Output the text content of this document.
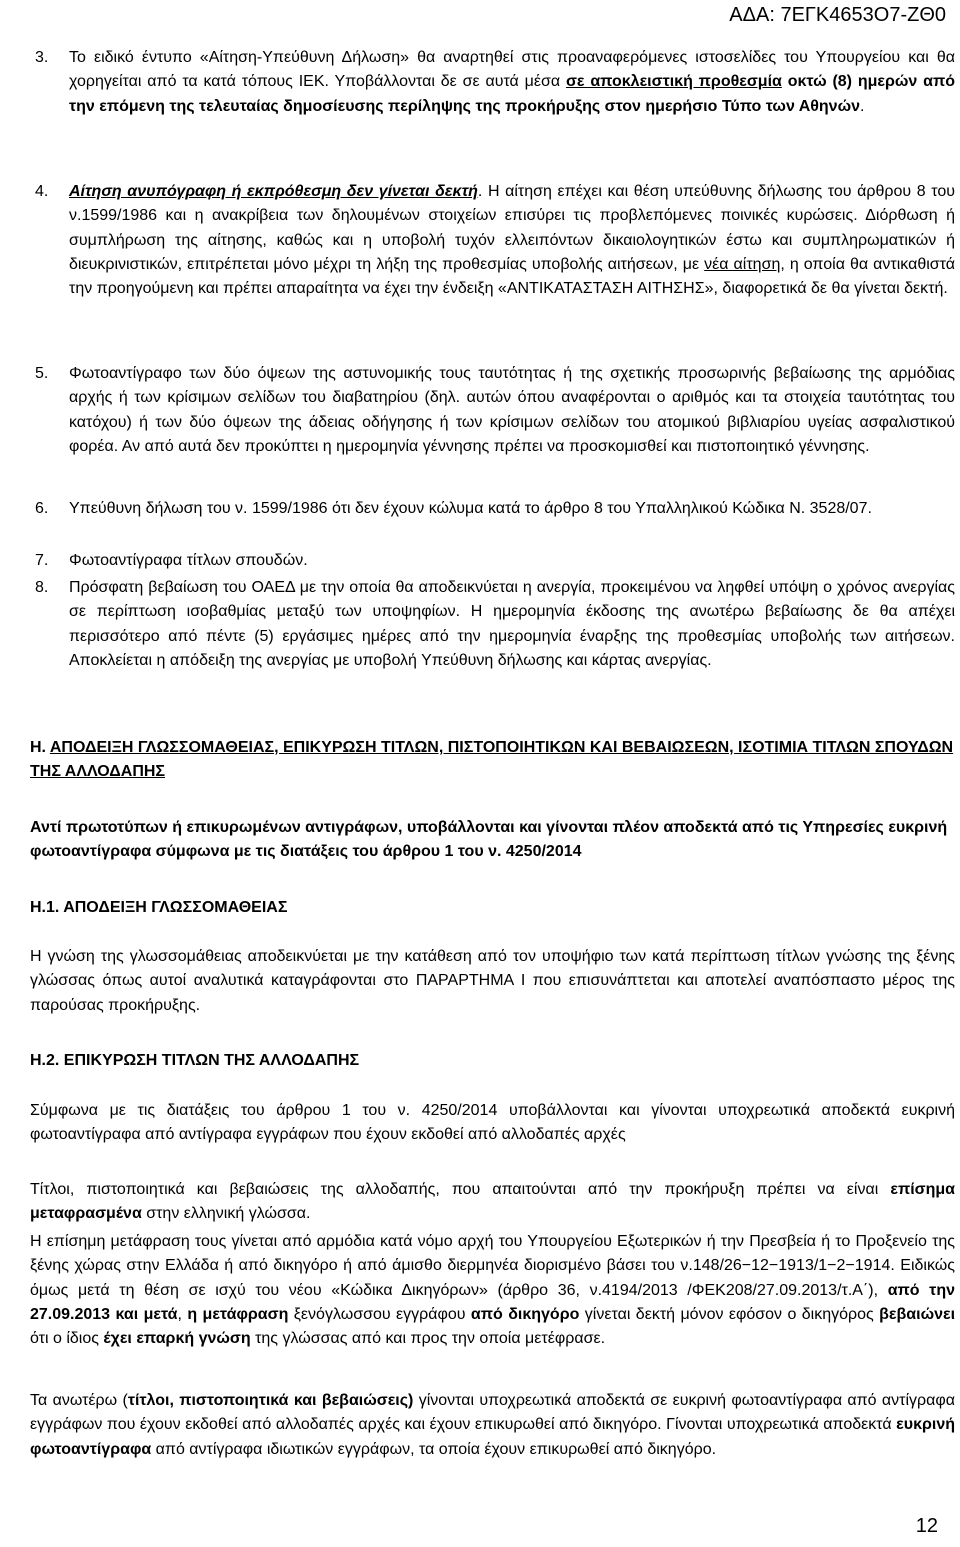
ΑΔΑ: 7ΕΓΚ4653Ο7-ΖΘ0
3.	Το ειδικό έντυπο «Αίτηση-Υπεύθυνη Δήλωση» θα αναρτηθεί στις προαναφερόμενες ιστοσελίδες του Υπουργείου και θα χορηγείται από τα κατά τόπους ΙΕΚ. Υποβάλλονται δε σε αυτά μέσα σε αποκλειστική προθεσμία οκτώ (8) ημερών από την επόμενη της τελευταίας δημοσίευσης περίληψης της προκήρυξης στον ημερήσιο Τύπο των Αθηνών.
4.	Αίτηση ανυπόγραφη ή εκπρόθεσμη δεν γίνεται δεκτή. Η αίτηση επέχει και θέση υπεύθυνης δήλωσης του άρθρου 8 του ν.1599/1986 και η ανακρίβεια των δηλουμένων στοιχείων επισύρει τις προβλεπόμενες ποινικές κυρώσεις. Διόρθωση ή συμπλήρωση της αίτησης, καθώς και η υποβολή τυχόν ελλειπόντων δικαιολογητικών έστω και συμπληρωματικών ή διευκρινιστικών, επιτρέπεται μόνο μέχρι τη λήξη της προθεσμίας υποβολής αιτήσεων, με νέα αίτηση, η οποία θα αντικαθιστά την προηγούμενη και πρέπει απαραίτητα να έχει την ένδειξη «ΑΝΤΙΚΑΤΑΣΤΑΣΗ ΑΙΤΗΣΗΣ», διαφορετικά δε θα γίνεται δεκτή.
5.	Φωτοαντίγραφο των δύο όψεων της αστυνομικής τους ταυτότητας ή της σχετικής προσωρινής βεβαίωσης της αρμόδιας αρχής ή των κρίσιμων σελίδων του διαβατηρίου (δηλ. αυτών όπου αναφέρονται ο αριθμός και τα στοιχεία ταυτότητας του κατόχου) ή των δύο όψεων της άδειας οδήγησης ή των κρίσιμων σελίδων του ατομικού βιβλιαρίου υγείας ασφαλιστικού φορέα. Αν από αυτά δεν προκύπτει η ημερομηνία γέννησης πρέπει να προσκομισθεί και πιστοποιητικό γέννησης.
6.	Υπεύθυνη δήλωση του ν. 1599/1986 ότι δεν έχουν κώλυμα κατά το άρθρο 8 του Υπαλληλικού Κώδικα Ν. 3528/07.
7.	Φωτοαντίγραφα τίτλων σπουδών.
8.	Πρόσφατη βεβαίωση του ΟΑΕΔ με την οποία θα αποδεικνύεται η ανεργία, προκειμένου να ληφθεί υπόψη ο χρόνος ανεργίας σε περίπτωση ισοβαθμίας μεταξύ των υποψηφίων. Η ημερομηνία έκδοσης της ανωτέρω βεβαίωσης δε θα απέχει περισσότερο από πέντε (5) εργάσιμες ημέρες από την ημερομηνία έναρξης της προθεσμίας υποβολής των αιτήσεων. Αποκλείεται η απόδειξη της ανεργίας με υποβολή Υπεύθυνη δήλωσης και κάρτας ανεργίας.
Η. ΑΠΟΔΕΙΞΗ ΓΛΩΣΣΟΜΑΘΕΙΑΣ, ΕΠΙΚΥΡΩΣΗ ΤΙΤΛΩΝ, ΠΙΣΤΟΠΟΙΗΤΙΚΩΝ ΚΑΙ ΒΕΒΑΙΩΣΕΩΝ, ΙΣΟΤΙΜΙΑ ΤΙΤΛΩΝ ΣΠΟΥΔΩΝ ΤΗΣ ΑΛΛΟΔΑΠΗΣ
Αντί πρωτοτύπων ή επικυρωμένων αντιγράφων, υποβάλλονται και γίνονται πλέον αποδεκτά από τις Υπηρεσίες ευκρινή φωτοαντίγραφα σύμφωνα με τις διατάξεις του άρθρου 1 του ν. 4250/2014
Η.1. ΑΠΟΔΕΙΞΗ ΓΛΩΣΣΟΜΑΘΕΙΑΣ
Η γνώση της γλωσσομάθειας αποδεικνύεται με την κατάθεση από τον υποψήφιο των κατά περίπτωση τίτλων γνώσης της ξένης γλώσσας όπως αυτοί αναλυτικά καταγράφονται στο ΠΑΡΑΡΤΗΜΑ Ι που επισυνάπτεται και αποτελεί αναπόσπαστο μέρος της παρούσας προκήρυξης.
Η.2. ΕΠΙΚΥΡΩΣΗ ΤΙΤΛΩΝ ΤΗΣ ΑΛΛΟΔΑΠΗΣ
Σύμφωνα με τις διατάξεις του άρθρου 1 του ν. 4250/2014 υποβάλλονται και γίνονται υποχρεωτικά αποδεκτά ευκρινή φωτοαντίγραφα από αντίγραφα εγγράφων που έχουν εκδοθεί από αλλοδαπές αρχές
Τίτλοι, πιστοποιητικά και βεβαιώσεις της αλλοδαπής, που απαιτούνται από την προκήρυξη πρέπει να είναι επίσημα μεταφρασμένα στην ελληνική γλώσσα.
Η επίσημη μετάφραση τους γίνεται από αρμόδια κατά νόμο αρχή του Υπουργείου Εξωτερικών ή την Πρεσβεία ή το Προξενείο της ξένης χώρας στην Ελλάδα ή από δικηγόρο ή από άμισθο διερμηνέα διορισμένο βάσει του ν.148/26−12−1913/1−2−1914. Ειδικώς όμως μετά τη θέση σε ισχύ του νέου «Κώδικα Δικηγόρων» (άρθρο 36, ν.4194/2013 /ΦΕΚ208/27.09.2013/τ.Α΄), από την 27.09.2013 και μετά, η μετάφραση ξενόγλωσσου εγγράφου από δικηγόρο γίνεται δεκτή μόνον εφόσον ο δικηγόρος βεβαιώνει ότι ο ίδιος έχει επαρκή γνώση της γλώσσας από και προς την οποία μετέφρασε.
Τα ανωτέρω (τίτλοι, πιστοποιητικά και βεβαιώσεις) γίνονται υποχρεωτικά αποδεκτά σε ευκρινή φωτοαντίγραφα από αντίγραφα εγγράφων που έχουν εκδοθεί από αλλοδαπές αρχές και έχουν επικυρωθεί από δικηγόρο. Γίνονται υποχρεωτικά αποδεκτά ευκρινή φωτοαντίγραφα από αντίγραφα ιδιωτικών εγγράφων, τα οποία έχουν επικυρωθεί από δικηγόρο.
12
